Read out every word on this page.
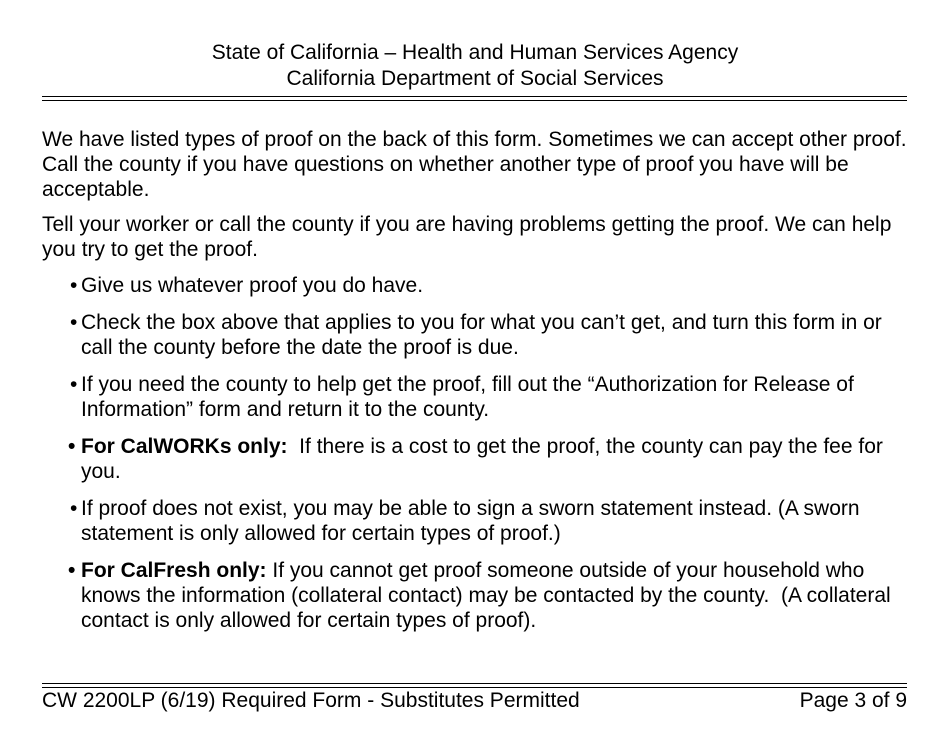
State of California – Health and Human Services Agency
California Department of Social Services

We have listed types of proof on the back of this form. Sometimes we can accept other proof. Call the county if you have questions on whether another type of proof you have will be acceptable.

Tell your worker or call the county if you are having problems getting the proof. We can help you try to get the proof.

• Give us whatever proof you do have.
• Check the box above that applies to you for what you can’t get, and turn this form in or call the county before the date the proof is due.
• If you need the county to help get the proof, fill out the “Authorization for Release of Information” form and return it to the county.
• For CalWORKs only:  If there is a cost to get the proof, the county can pay the fee for you.
• If proof does not exist, you may be able to sign a sworn statement instead. (A sworn statement is only allowed for certain types of proof.)
• For CalFresh only: If you cannot get proof someone outside of your household who knows the information (collateral contact) may be contacted by the county.  (A collateral contact is only allowed for certain types of proof).
CW 2200LP (6/19) Required Form - Substitutes Permitted	Page 3 of 9
